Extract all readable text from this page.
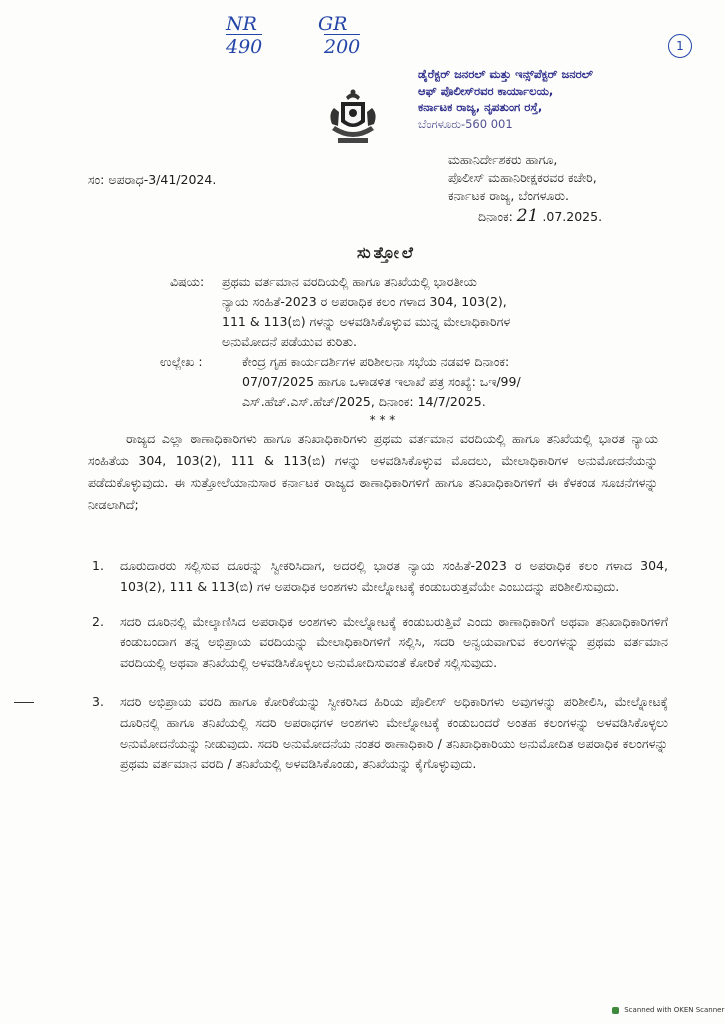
NR
490
GR
200	1
ಡೈರೆಕ್ಟರ್ ಜನರಲ್ ಮತ್ತು ಇನ್ಸ್‌ಪೆಕ್ಟರ್ ಜನರಲ್
ಆಫ್ ಪೊಲೀಸ್‌ರವರ ಕಾರ್ಯಾಲಯ,
ಕರ್ನಾಟಕ ರಾಜ್ಯ, ನೃಪತುಂಗ ರಸ್ತೆ,
ಬೆಂಗಳೂರು-560 001
ಸಂ: ಅಪರಾಧ-3/41/2024.
ಮಹಾನಿರ್ದೇಶಕರು ಹಾಗೂ,
ಪೊಲೀಸ್ ಮಹಾನಿರೀಕ್ಷಕರವರ ಕಚೇರಿ,
ಕರ್ನಾಟಕ ರಾಜ್ಯ, ಬೆಂಗಳೂರು.
ದಿನಾಂಕ: 21 .07.2025.
ಸುತ್ತೋಲೆ
ವಿಷಯ: ಪ್ರಥಮ ವರ್ತಮಾನ ವರದಿಯಲ್ಲಿ ಹಾಗೂ ತನಿಖೆಯಲ್ಲಿ ಭಾರತೀಯ
ನ್ಯಾಯ ಸಂಹಿತೆ-2023 ರ ಅಪರಾಧಿಕ ಕಲಂ ಗಳಾದ 304, 103(2),
111 & 113(ಬಿ) ಗಳನ್ನು ಅಳವಡಿಸಿಕೊಳ್ಳುವ ಮುನ್ನ ಮೇಲಾಧಿಕಾರಿಗಳ
ಅನುಮೋದನೆ ಪಡೆಯುವ ಕುರಿತು.
ಉಲ್ಲೇಖ :	ಕೇಂದ್ರ ಗೃಹ ಕಾರ್ಯದರ್ಶಿಗಳ ಪರಿಶೀಲನಾ ಸಭೆಯ ನಡವಳಿ ದಿನಾಂಕ:
07/07/2025 ಹಾಗೂ ಒಳಾಡಳಿತ ಇಲಾಖೆ ಪತ್ರ ಸಂಖ್ಯೆ: ಒಇ/99/
ಎಸ್.ಹೆಚ್.ಎಸ್.ಹೆಚ್/2025, ದಿನಾಂಕ: 14/7/2025.
* * *
ರಾಜ್ಯದ ಎಲ್ಲಾ ಠಾಣಾಧಿಕಾರಿಗಳು ಹಾಗೂ ತನಿಖಾಧಿಕಾರಿಗಳು ಪ್ರಥಮ ವರ್ತಮಾನ ವರದಿಯಲ್ಲಿ ಹಾಗೂ ತನಿಖೆಯಲ್ಲಿ ಭಾರತ ನ್ಯಾಯ ಸಂಹಿತೆಯ 304, 103(2), 111 & 113(ಬಿ) ಗಳನ್ನು ಅಳವಡಿಸಿಕೊಳ್ಳುವ ಮೊದಲು, ಮೇಲಾಧಿಕಾರಿಗಳ ಅನುಮೋದನೆಯನ್ನು ಪಡೆದುಕೊಳ್ಳುವುದು. ಈ ಸುತ್ತೋಲೆಯಾನುಸಾರ ಕರ್ನಾಟಕ ರಾಜ್ಯದ ಠಾಣಾಧಿಕಾರಿಗಳಿಗೆ ಹಾಗೂ ತನಿಖಾಧಿಕಾರಿಗಳಿಗೆ ಈ ಕೆಳಕಂಡ ಸೂಚನೆಗಳನ್ನು ನೀಡಲಾಗಿದೆ;
1. ದೂರುದಾರರು ಸಲ್ಲಿಸುವ ದೂರನ್ನು ಸ್ವೀಕರಿಸಿದಾಗ, ಅದರಲ್ಲಿ ಭಾರತ ನ್ಯಾಯ ಸಂಹಿತೆ-2023 ರ ಅಪರಾಧಿಕ ಕಲಂ ಗಳಾದ 304, 103(2), 111 & 113(ಬಿ) ಗಳ ಅಪರಾಧಿಕ ಅಂಶಗಳು ಮೇಲ್ನೋಟಕ್ಕೆ ಕಂಡುಬರುತ್ತವೆಯೇ ಎಂಬುದನ್ನು ಪರಿಶೀಲಿಸುವುದು.
2. ಸದರಿ ದೂರಿನಲ್ಲಿ ಮೇಲ್ಕಾಣಿಸಿದ ಅಪರಾಧಿಕ ಅಂಶಗಳು ಮೇಲ್ನೋಟಕ್ಕೆ ಕಂಡುಬರುತ್ತಿವೆ ಎಂದು ಠಾಣಾಧಿಕಾರಿಗೆ ಅಥವಾ ತನಿಖಾಧಿಕಾರಿಗಳಿಗೆ ಕಂಡುಬಂದಾಗ ತನ್ನ ಅಭಿಪ್ರಾಯ ವರದಿಯನ್ನು ಮೇಲಾಧಿಕಾರಿಗಳಿಗೆ ಸಲ್ಲಿಸಿ, ಸದರಿ ಅನ್ವಯವಾಗುವ ಕಲಂಗಳನ್ನು ಪ್ರಥಮ ವರ್ತಮಾನ ವರದಿಯಲ್ಲಿ ಅಥವಾ ತನಿಖೆಯಲ್ಲಿ ಅಳವಡಿಸಿಕೊಳ್ಳಲು ಅನುಮೋದಿಸುವಂತೆ ಕೋರಿಕೆ ಸಲ್ಲಿಸುವುದು.
3. ಸದರಿ ಅಭಿಪ್ರಾಯ ವರದಿ ಹಾಗೂ ಕೋರಿಕೆಯನ್ನು ಸ್ವೀಕರಿಸಿದ ಹಿರಿಯ ಪೊಲೀಸ್ ಅಧಿಕಾರಿಗಳು ಅವುಗಳನ್ನು ಪರಿಶೀಲಿಸಿ, ಮೇಲ್ನೋಟಕ್ಕೆ ದೂರಿನಲ್ಲಿ ಹಾಗೂ ತನಿಖೆಯಲ್ಲಿ ಸದರಿ ಅಪರಾಧಗಳ ಅಂಶಗಳು ಮೇಲ್ನೋಟಕ್ಕೆ ಕಂಡುಬಂದರೆ ಅಂತಹ ಕಲಂಗಳನ್ನು ಅಳವಡಿಸಿಕೊಳ್ಳಲು ಅನುಮೋದನೆಯನ್ನು ನೀಡುವುದು. ಸದರಿ ಅನುಮೋದನೆಯ ನಂತರ ಠಾಣಾಧಿಕಾರಿ / ತನಿಖಾಧಿಕಾರಿಯು ಅನುಮೋದಿತ ಅಪರಾಧಿಕ ಕಲಂಗಳನ್ನು ಪ್ರಥಮ ವರ್ತಮಾನ ವರದಿ / ತನಿಖೆಯಲ್ಲಿ ಅಳವಡಿಸಿಕೊಂಡು, ತನಿಖೆಯನ್ನು ಕೈಗೊಳ್ಳುವುದು.
Scanned with OKEN Scanner
